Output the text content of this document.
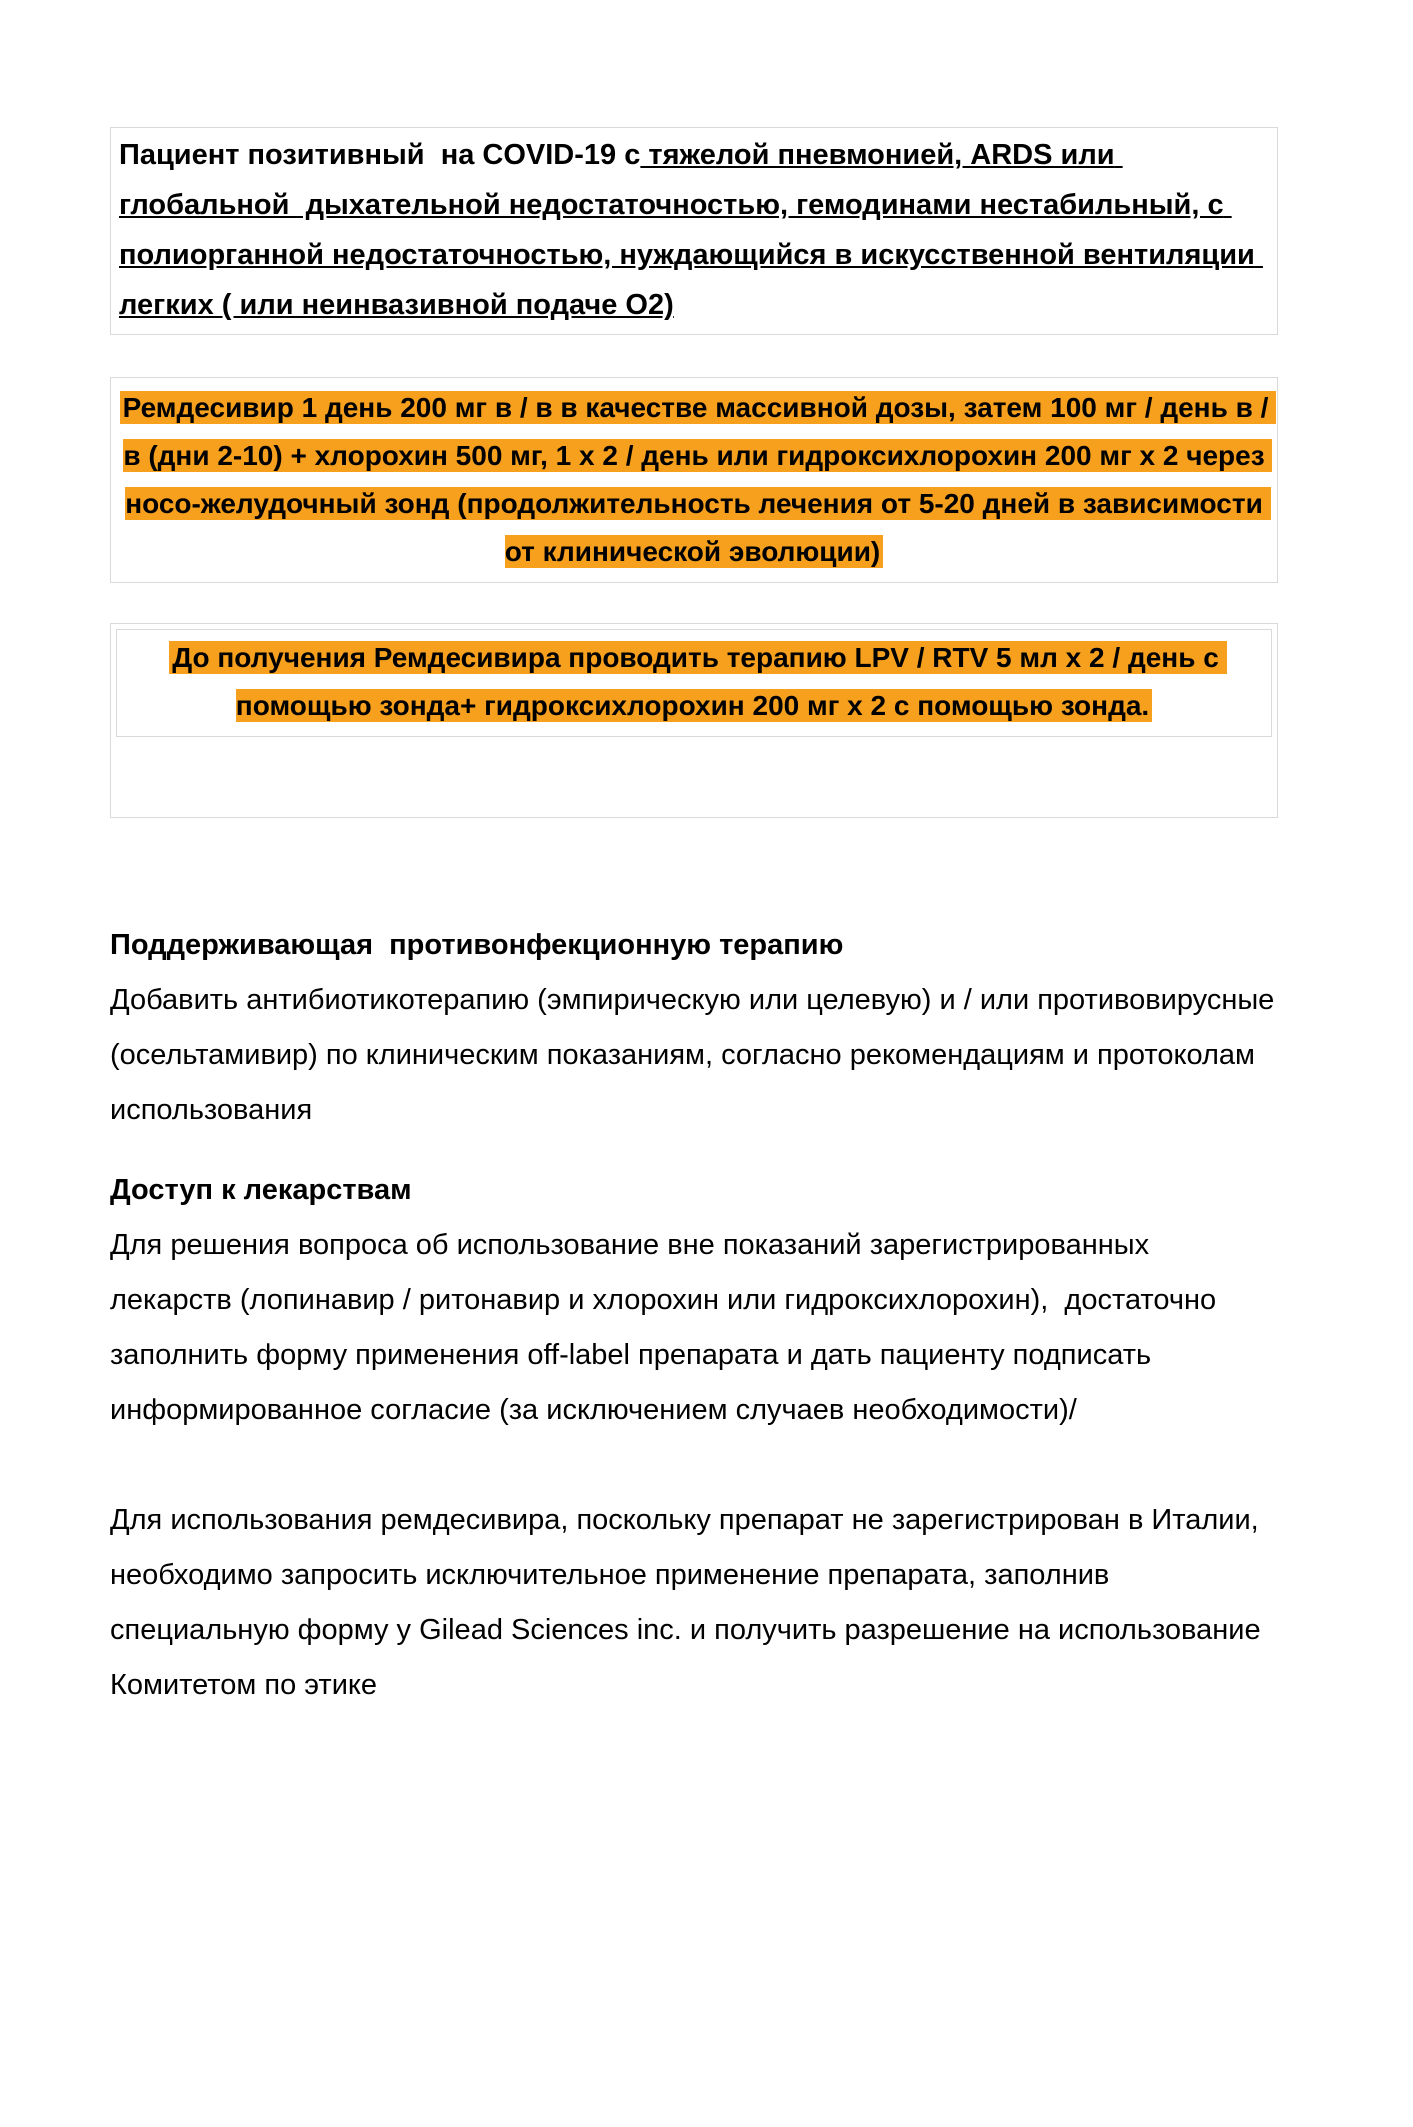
Пациент позитивный  на COVID-19 с тяжелой пневмонией, ARDS или глобальной  дыхательной недостаточностью, гемодинами нестабильный, с полиорганной недостаточностью, нуждающийся в искусственной вентиляции легких ( или неинвазивной подаче О2)
Ремдесивир 1 день 200 мг в / в в качестве массивной дозы, затем 100 мг / день в / в (дни 2-10) + хлорохин 500 мг, 1 х 2 / день или гидроксихлорохин 200 мг х 2 через носо-желудочный зонд (продолжительность лечения от 5-20 дней в зависимости от клинической эволюции)
До получения Ремдесивира проводить терапию LPV / RTV 5 мл х 2 / день с помощью зонда+ гидроксихлорохин 200 мг х 2 с помощью зонда.

Поддерживающая  противонфекционную терапию

Добавить антибиотикотерапию (эмпирическую или целевую) и / или противовирусные (осельтамивир) по клиническим показаниям, согласно рекомендациям и протоколам использования

Доступ к лекарствам

Для решения вопроса об использование вне показаний зарегистрированных лекарств (лопинавир / ритонавир и хлорохин или гидроксихлорохин),  достаточно заполнить форму применения off-label препарата и дать пациенту подписать информированное согласие (за исключением случаев необходимости)/

Для использования ремдесивира, поскольку препарат не зарегистрирован в Италии, необходимо запросить исключительное применение препарата, заполнив специальную форму у Gilead Sciences inc. и получить разрешение на использование Комитетом по этике
